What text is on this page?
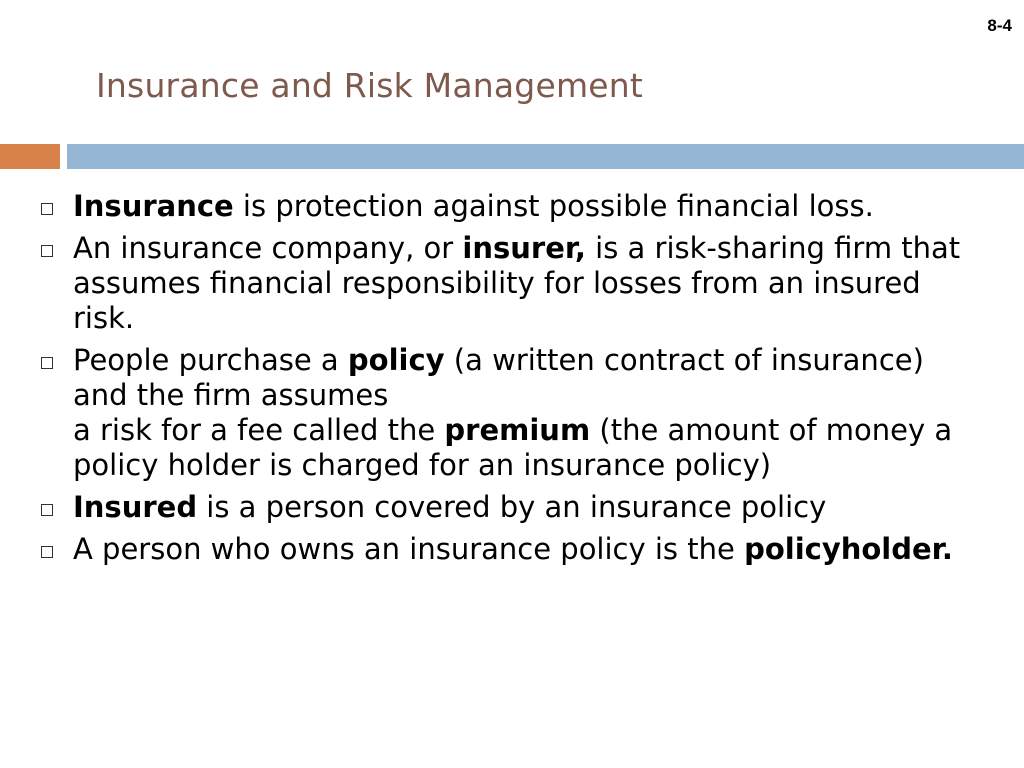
8-4
Insurance and Risk Management
Insurance is protection against possible financial loss.
An insurance company, or insurer, is a risk-sharing firm that assumes financial responsibility for losses from an insured risk.
People purchase a policy (a written contract of insurance) and the firm assumes
a risk for a fee called the premium (the amount of money a policy holder is charged for an insurance policy)
Insured is a person covered by an insurance policy
A person who owns an insurance policy is the policyholder.
